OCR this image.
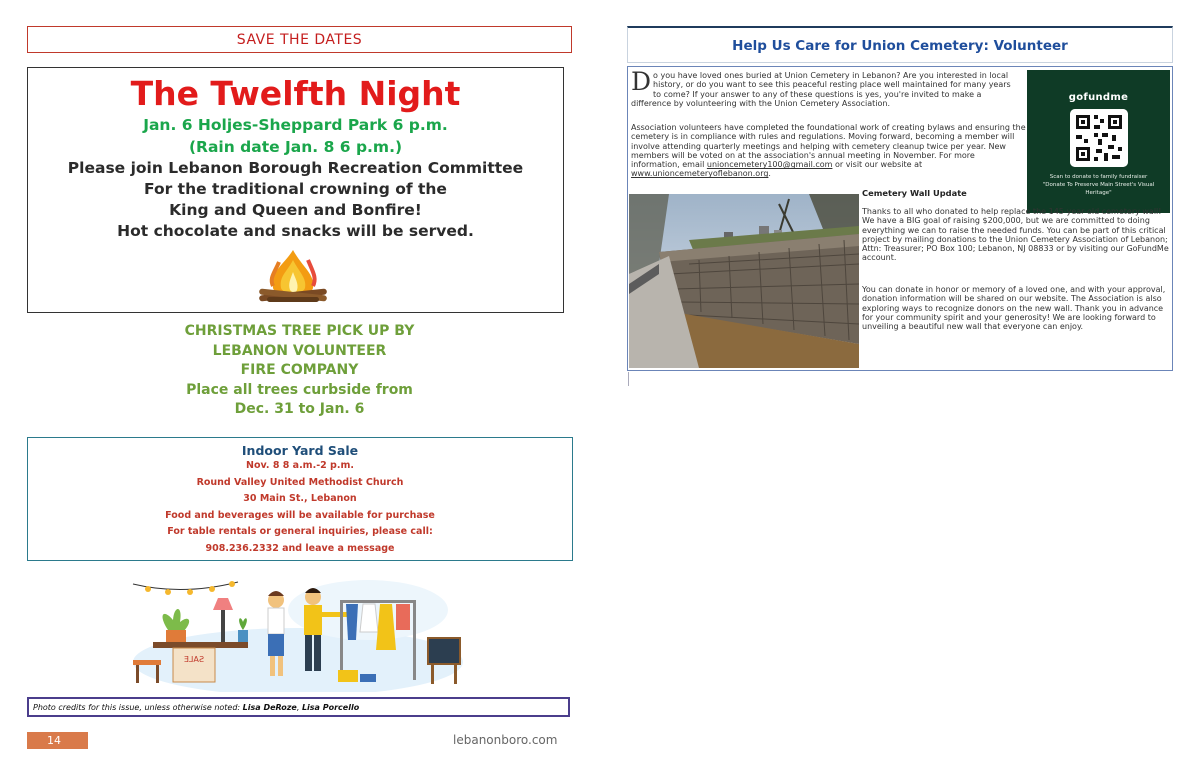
SAVE THE DATES
The Twelfth Night
Jan. 6 Holjes-Sheppard Park 6 p.m.
(Rain date Jan. 8 6 p.m.)
Please join Lebanon Borough Recreation Committee
For the traditional crowning of the
King and Queen and Bonfire!
Hot chocolate and snacks will be served.
CHRISTMAS TREE PICK UP BY
LEBANON VOLUNTEER
FIRE COMPANY
Place all trees curbside from
Dec. 31 to Jan. 6
Indoor Yard Sale
Nov. 8 8 a.m.-2 p.m.
Round Valley United Methodist Church
30 Main St., Lebanon
Food and beverages will be available for purchase
For table rentals or general inquiries, please call:
908.236.2332 and leave a message
SALE
Photo credits for this issue, unless otherwise noted: Lisa DeRoze, Lisa Porcello
14	lebanonboro.com
Help Us Care for Union Cemetery: Volunteer
Do you have loved ones buried at Union Cemetery in Lebanon? Are you interested in local history, or do you want to see this peaceful resting place well maintained for many years to come? If your answer to any of these questions is yes, you're invited to make a difference by volunteering with the Union Cemetery Association.
Association volunteers have completed the foundational work of creating bylaws and ensuring the cemetery is in compliance with rules and regulations. Moving forward, becoming a member will involve attending quarterly meetings and helping with cemetery cleanup twice per year. New members will be voted on at the association's annual meeting in November. For more information, email unioncemetery100@gmail.com or visit our website at www.unioncemeteryoflebanon.org.
gofundme
Scan to donate to family fundraiser
"Donate To Preserve Main Street's Visual
Heritage"
Cemetery Wall Update
Thanks to all who donated to help replace the 145-year-old cemetery wall! We have a BIG goal of raising $200,000, but we are committed to doing everything we can to raise the needed funds. You can be part of this critical project by mailing donations to the Union Cemetery Association of Lebanon; Attn: Treasurer; PO Box 100; Lebanon, NJ 08833 or by visiting our GoFundMe account.
You can donate in honor or memory of a loved one, and with your approval, donation information will be shared on our website. The Association is also exploring ways to recognize donors on the new wall. Thank you in advance for your community spirit and your generosity! We are looking forward to unveiling a beautiful new wall that everyone can enjoy.
